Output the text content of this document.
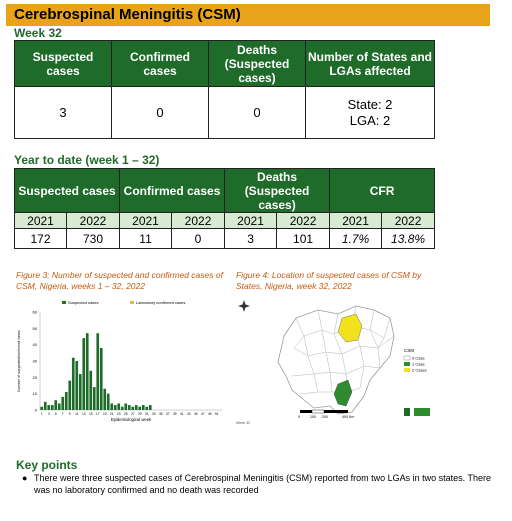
Cerebrospinal Meningitis (CSM)
Week 32
Suspected cases	Confirmed cases	Deaths (Suspected cases)	Number of States and LGAs affected
3	0	0	State: 2
LGA: 2
Year to date (week 1 – 32)
Suspected cases		Confirmed cases		Deaths (Suspected cases)		CFR	
2021	2022	2021	2022	2021	2022	2021	2022
172	730	11	0	3	101	1.7%	13.8%
Figure 3: Number of suspected and confirmed cases of CSM, Nigeria, weeks 1 – 32, 2022
Figure 4: Location of suspected cases of CSM by States, Nigeria, week 32, 2022
Suspected cases	Laboratory confirmed cases
0
10
20
30
40
50
60
1 3 5 7 9 11 13 15 17 19 21 23 25 27 29 31 33 35 37 39 41 43 45 47 49 51
Epidemiological week
Number of suspected/confirmed cases	CSM
0 Case
1 Case
2 Cases
0	100 200	400 Km
Week 32
Key points
● There were three suspected cases of Cerebrospinal Meningitis (CSM) reported from two LGAs in two states. There was no laboratory confirmed and no death was recorded
